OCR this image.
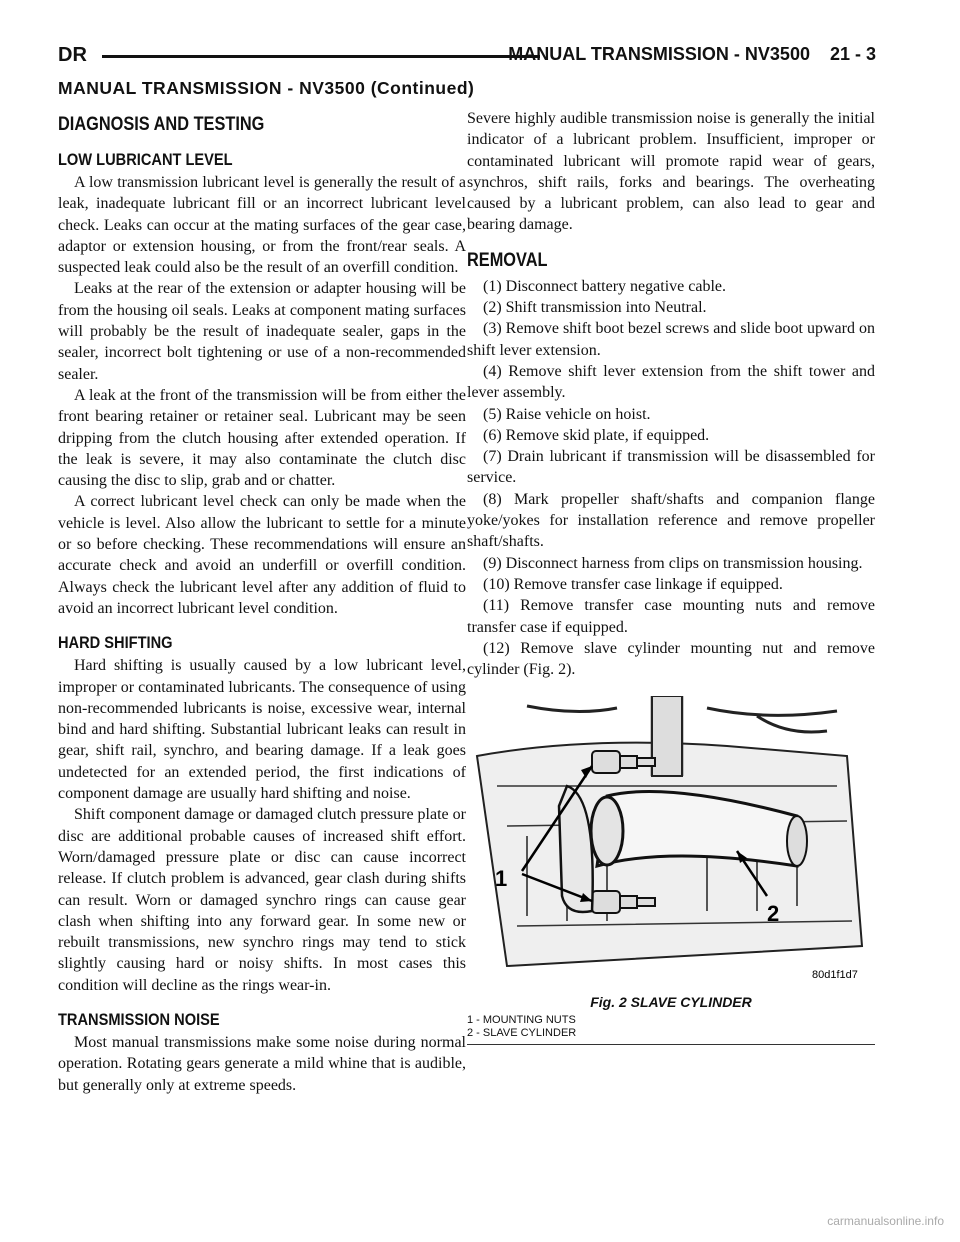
DR	MANUAL TRANSMISSION - NV3500    21 - 3
MANUAL TRANSMISSION - NV3500 (Continued)
DIAGNOSIS AND TESTING
LOW LUBRICANT LEVEL

A low transmission lubricant level is generally the result of a leak, inadequate lubricant fill or an incorrect lubricant level check. Leaks can occur at the mating surfaces of the gear case, adaptor or extension housing, or from the front/rear seals. A suspected leak could also be the result of an overfill condition.

Leaks at the rear of the extension or adapter housing will be from the housing oil seals. Leaks at component mating surfaces will probably be the result of inadequate sealer, gaps in the sealer, incorrect bolt tightening or use of a non-recommended sealer.

A leak at the front of the transmission will be from either the front bearing retainer or retainer seal. Lubricant may be seen dripping from the clutch housing after extended operation. If the leak is severe, it may also contaminate the clutch disc causing the disc to slip, grab and or chatter.

A correct lubricant level check can only be made when the vehicle is level. Also allow the lubricant to settle for a minute or so before checking. These recommendations will ensure an accurate check and avoid an underfill or overfill condition. Always check the lubricant level after any addition of fluid to avoid an incorrect lubricant level condition.

HARD SHIFTING

Hard shifting is usually caused by a low lubricant level, improper or contaminated lubricants. The consequence of using non-recommended lubricants is noise, excessive wear, internal bind and hard shifting. Substantial lubricant leaks can result in gear, shift rail, synchro, and bearing damage. If a leak goes undetected for an extended period, the first indications of component damage are usually hard shifting and noise.

Shift component damage or damaged clutch pressure plate or disc are additional probable causes of increased shift effort. Worn/damaged pressure plate or disc can cause incorrect release. If clutch problem is advanced, gear clash during shifts can result. Worn or damaged synchro rings can cause gear clash when shifting into any forward gear. In some new or rebuilt transmissions, new synchro rings may tend to stick slightly causing hard or noisy shifts. In most cases this condition will decline as the rings wear-in.

TRANSMISSION NOISE

Most manual transmissions make some noise during normal operation. Rotating gears generate a mild whine that is audible, but generally only at extreme speeds.

Severe highly audible transmission noise is generally the initial indicator of a lubricant problem. Insufficient, improper or contaminated lubricant will promote rapid wear of gears, synchros, shift rails, forks and bearings. The overheating caused by a lubricant problem, can also lead to gear and bearing damage.

REMOVAL

(1) Disconnect battery negative cable.

(2) Shift transmission into Neutral.

(3) Remove shift boot bezel screws and slide boot upward on shift lever extension.

(4) Remove shift lever extension from the shift tower and lever assembly.

(5) Raise vehicle on hoist.

(6) Remove skid plate, if equipped.

(7) Drain lubricant if transmission will be disassembled for service.

(8) Mark propeller shaft/shafts and companion flange yoke/yokes for installation reference and remove propeller shaft/shafts.

(9) Disconnect harness from clips on transmission housing.

(10) Remove transfer case linkage if equipped.

(11) Remove transfer case mounting nuts and remove transfer case if equipped.

(12) Remove slave cylinder mounting nut and remove cylinder (Fig. 2).

1
2
80d1f1d7
Fig. 2 SLAVE CYLINDER
1 - MOUNTING NUTS
2 - SLAVE CYLINDER
carmanualsonline.info
